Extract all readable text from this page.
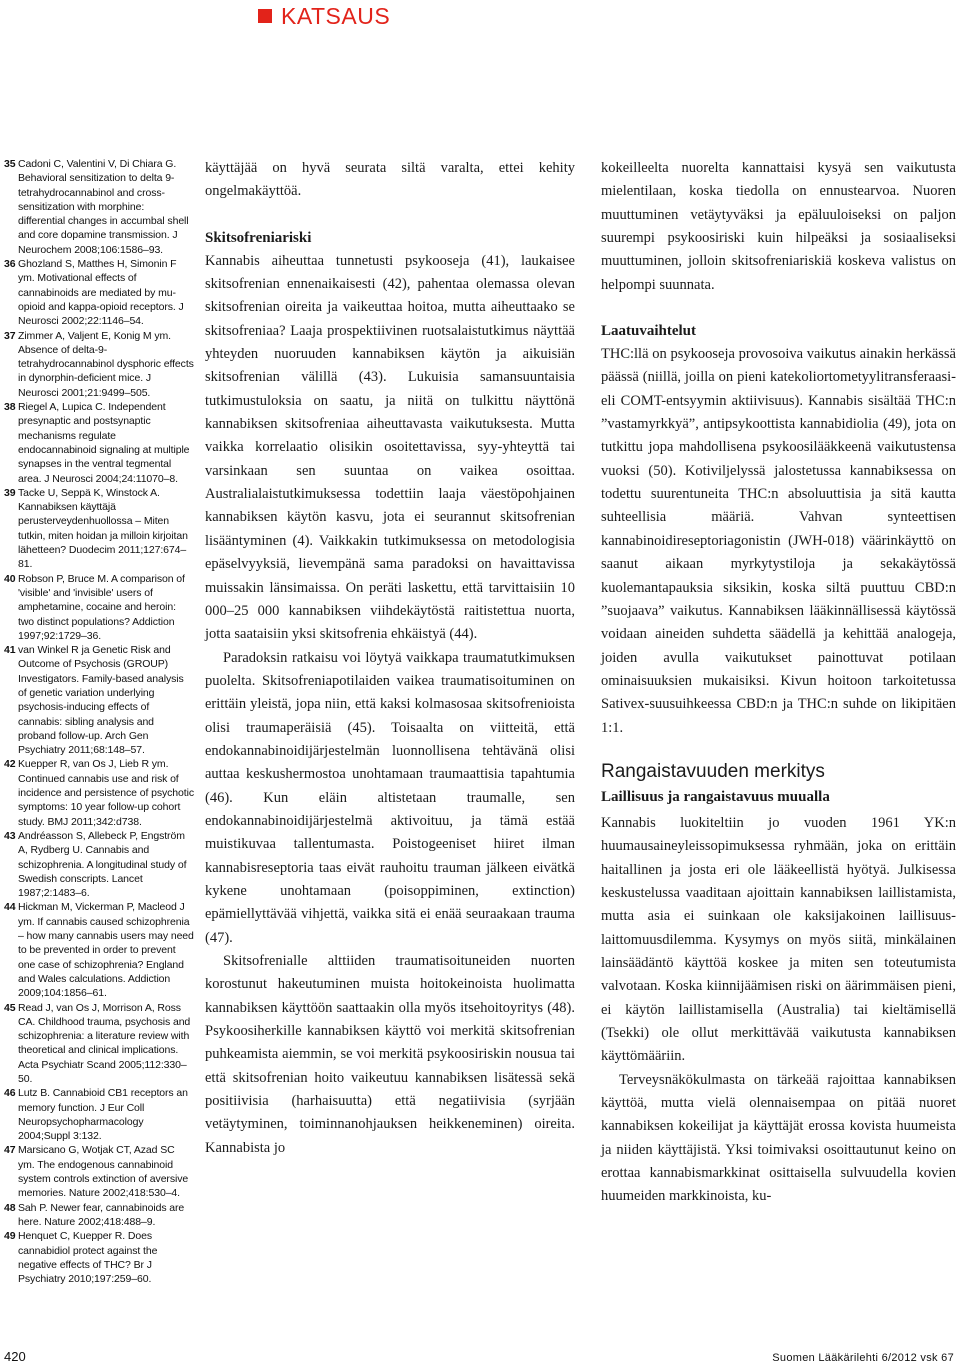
KATSAUS
35 Cadoni C, Valentini V, Di Chiara G. Behavioral sensitization to delta 9-tetrahydrocannabinol and cross-sensitization with morphine: differential changes in accumbal shell and core dopamine transmission. J Neurochem 2008;106:1586–93.
36 Ghozland S, Matthes H, Simonin F ym. Motivational effects of cannabinoids are mediated by mu-opioid and kappa-opioid receptors. J Neurosci 2002;22:1146–54.
37 Zimmer A, Valjent E, Konig M ym. Absence of delta-9-tetrahydrocannabinol dysphoric effects in dynorphin-deficient mice. J Neurosci 2001;21:9499–505.
38 Riegel A, Lupica C. Independent presynaptic and postsynaptic mechanisms regulate endocannabinoid signaling at multiple synapses in the ventral tegmental area. J Neurosci 2004;24:11070–8.
39 Tacke U, Seppä K, Winstock A. Kannabiksen käyttäjä perusterveydenhuollossa – Miten tutkin, miten hoidan ja milloin kirjoitan lähetteen? Duodecim 2011;127:674–81.
40 Robson P, Bruce M. A comparison of 'visible' and 'invisible' users of amphetamine, cocaine and heroin: two distinct populations? Addiction 1997;92:1729–36.
41 van Winkel R ja Genetic Risk and Outcome of Psychosis (GROUP) Investigators. Family-based analysis of genetic variation underlying psychosis-inducing effects of cannabis: sibling analysis and proband follow-up. Arch Gen Psychiatry 2011;68:148–57.
42 Kuepper R, van Os J, Lieb R ym. Continued cannabis use and risk of incidence and persistence of psychotic symptoms: 10 year follow-up cohort study. BMJ 2011;342:d738.
43 Andréasson S, Allebeck P, Engström A, Rydberg U. Cannabis and schizophrenia. A longitudinal study of Swedish conscripts. Lancet 1987;2:1483–6.
44 Hickman M, Vickerman P, Macleod J ym. If cannabis caused schizophrenia – how many cannabis users may need to be prevented in order to prevent one case of schizophrenia? England and Wales calculations. Addiction 2009;104:1856–61.
45 Read J, van Os J, Morrison A, Ross CA. Childhood trauma, psychosis and schizophrenia: a literature review with theoretical and clinical implications. Acta Psychiatr Scand 2005;112:330–50.
46 Lutz B. Cannabioid CB1 receptors an memory function. J Eur Coll Neuropsychopharmacology 2004;Suppl 3:132.
47 Marsicano G, Wotjak CT, Azad SC ym. The endogenous cannabinoid system controls extinction of aversive memories. Nature 2002;418:530–4.
48 Sah P. Newer fear, cannabinoids are here. Nature 2002;418:488–9.
49 Henquet C, Kuepper R. Does cannabidiol protect against the negative effects of THC? Br J Psychiatry 2010;197:259–60.

käyttäjää on hyvä seurata siltä varalta, ettei kehity ongelmakäyttöä.

Skitsofreniariski

Kannabis aiheuttaa tunnetusti psykooseja (41), laukaisee skitsofrenian ennenaikaisesti (42), pahentaa olemassa olevan skitsofrenian oireita ja vaikeuttaa hoitoa, mutta aiheuttaako se skitsofreniaa? Laaja prospektiivinen ruotsalaistutkimus näyttää yhteyden nuoruuden kannabiksen käytön ja aikuisiän skitsofrenian välillä (43). Lukuisia samansuuntaisia tutkimustuloksia on saatu, ja niitä on tulkittu näyttönä kannabiksen skitsofreniaa aiheuttavasta vaikutuksesta. Mutta vaikka korrelaatio olisikin osoitettavissa, syy-yhteyttä tai varsinkaan sen suuntaa on vaikea osoittaa. Australialaistutkimuksessa todettiin laaja väestöpohjainen kannabiksen käytön kasvu, jota ei seurannut skitsofrenian lisääntyminen (4). Vaikkakin tutkimuksessa on metodologisia epäselvyyksiä, lievempänä sama paradoksi on havaittavissa muissakin länsimaissa. On peräti laskettu, että tarvittaisiin 10 000–25 000 kannabiksen viihdekäytöstä raitistettua nuorta, jotta saataisiin yksi skitsofrenia ehkäistyä (44).

Paradoksin ratkaisu voi löytyä vaikkapa traumatutkimuksen puolelta. Skitsofreniapotilaiden vaikea traumatisoituminen on erittäin yleistä, jopa niin, että kaksi kolmasosaa skitsofrenioista olisi traumaperäisiä (45). Toisaalta on viitteitä, että endokannabinoidijärjestelmän luonnollisena tehtävänä olisi auttaa keskushermostoa unohtamaan traumaattisia tapahtumia (46). Kun eläin altistetaan traumalle, sen endokannabinoidijärjestelmä aktivoituu, ja tämä estää muistikuvaa tallentumasta. Poistogeeniset hiiret ilman kannabisreseptoria taas eivät rauhoitu trauman jälkeen eivätkä kykene unohtamaan (poisoppiminen, extinction) epämiellyttävää vihjettä, vaikka sitä ei enää seuraakaan trauma (47).

Skitsofrenialle alttiiden traumatisoituneiden nuorten korostunut hakeutuminen muista hoitokeinoista huolimatta kannabiksen käyttöön saattaakin olla myös itsehoitoyritys (48). Psykoosiherkille kannabiksen käyttö voi merkitä skitsofrenian puhkeamista aiemmin, se voi merkitä psykoosiriskin nousua tai että skitsofrenian hoito vaikeutuu kannabiksen lisätessä sekä positiivisia (harhaisuutta) että negatiivisia (syrjään vetäytyminen, toiminnanohjauksen heikkeneminen) oireita. Kannabista jo

kokeilleelta nuorelta kannattaisi kysyä sen vaikutusta mielentilaan, koska tiedolla on ennustearvoa. Nuoren muuttuminen vetäytyväksi ja epäluuloiseksi on paljon suurempi psykoosiriski kuin hilpeäksi ja sosiaaliseksi muuttuminen, jolloin skitsofreniariskiä koskeva valistus on helpompi suunnata.

Laatuvaihtelut

THC:llä on psykooseja provosoiva vaikutus ainakin herkässä päässä (niillä, joilla on pieni katekoliortometyylitransferaasi- eli COMT-entsyymin aktiivisuus). Kannabis sisältää THC:n ”vastamyrkkyä”, antipsykoottista kannabidiolia (49), jota on tutkittu jopa mahdollisena psykoosilääkkeenä vaikutustensa vuoksi (50). Kotiviljelyssä jalostetussa kannabiksessa on todettu suurentuneita THC:n absoluuttisia ja sitä kautta suhteellisia määriä. Vahvan synteettisen kannabinoidireseptoriagonistin (JWH-018) väärinkäyttö on saanut aikaan myrkytystiloja ja sekakäytössä kuolemantapauksia siksikin, koska siltä puuttuu CBD:n ”suojaava” vaikutus. Kannabiksen lääkinnällisessä käytössä voidaan aineiden suhdetta säädellä ja kehittää analogeja, joiden avulla vaikutukset painottuvat potilaan ominaisuuksien mukaisiksi. Kivun hoitoon tarkoitetussa Sativex-suusuihkeessa CBD:n ja THC:n suhde on likipitäen 1:1.

Rangaistavuuden merkitys
Laillisuus ja rangaistavuus muualla

Kannabis luokiteltiin jo vuoden 1961 YK:n huumausaineyleissopimuksessa ryhmään, joka on erittäin haitallinen ja josta eri ole lääkeellistä hyötyä. Julkisessa keskustelussa vaaditaan ajoittain kannabiksen laillistamista, mutta asia ei suinkaan ole kaksijakoinen laillisuus-laittomuusdilemma. Kysymys on myös siitä, minkälainen lainsäädäntö käyttöä koskee ja miten sen toteutumista valvotaan. Koska kiinnijäämisen riski on äärimmäisen pieni, ei käytön laillistamisella (Australia) tai kieltämisellä (Tsekki) ole ollut merkittävää vaikutusta kannabiksen käyttömääriin.

Terveysnäkökulmasta on tärkeää rajoittaa kannabiksen käyttöä, mutta vielä olennaisempaa on pitää nuoret kannabiksen kokeilijat ja käyttäjät erossa kovista huumeista ja niiden käyttäjistä. Yksi toimivaksi osoittautunut keino on erottaa kannabismarkkinat osittaisella sulvuudella kovien huumeiden markkinoista, ku-

420	Suomen Lääkärilehti 6/2012 vsk 67
